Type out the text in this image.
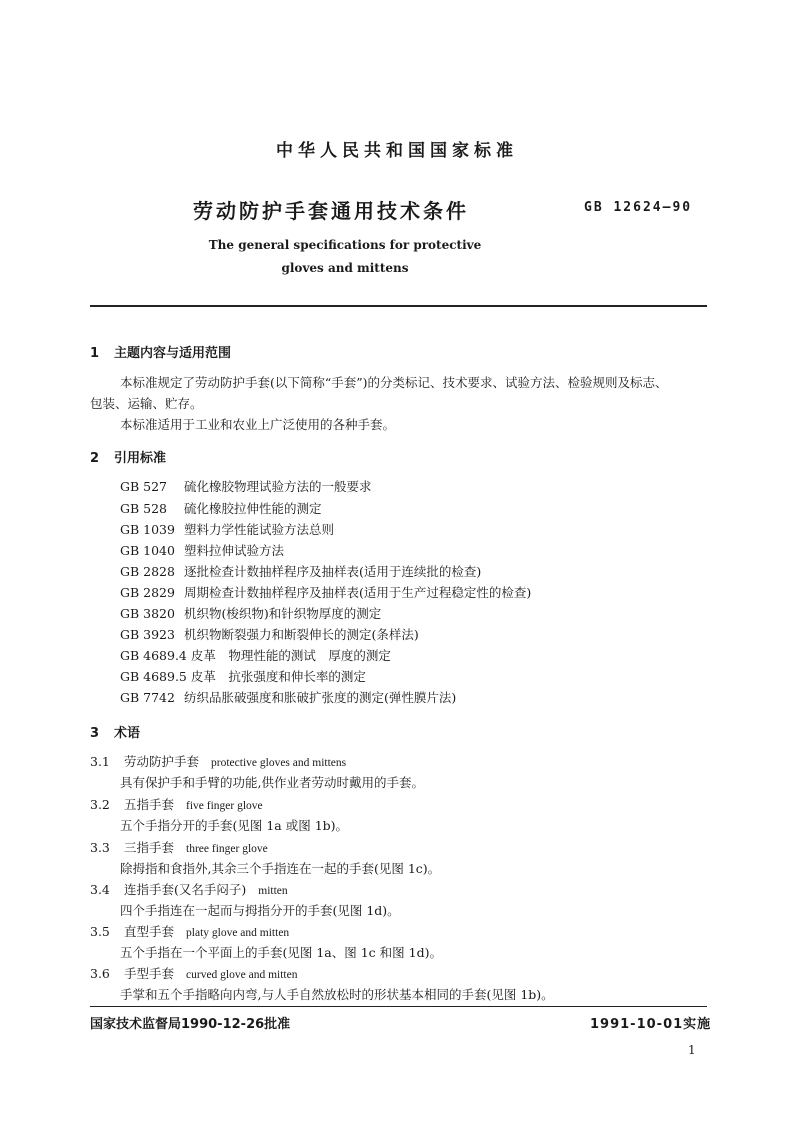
中华人民共和国国家标准
劳动防护手套通用技术条件	GB 12624—90
The general specifications for protective
gloves and mittens
1 主题内容与适用范围
本标准规定了劳动防护手套(以下简称“手套”)的分类标记、技术要求、试验方法、检验规则及标志、
包装、运输、贮存。
本标准适用于工业和农业上广泛使用的各种手套。
2 引用标准
GB 527 硫化橡胶物理试验方法的一般要求
GB 528 硫化橡胶拉伸性能的测定
GB 1039 塑料力学性能试验方法总则
GB 1040 塑料拉伸试验方法
GB 2828 逐批检查计数抽样程序及抽样表(适用于连续批的检查)
GB 2829 周期检查计数抽样程序及抽样表(适用于生产过程稳定性的检查)
GB 3820 机织物(梭织物)和针织物厚度的测定
GB 3923 机织物断裂强力和断裂伸长的测定(条样法)
GB 4689.4 皮革　物理性能的测试　厚度的测定
GB 4689.5 皮革　抗张强度和伸长率的测定
GB 7742 纺织品胀破强度和胀破扩张度的测定(弹性膜片法)
3 术语
3.1 劳动防护手套 protective gloves and mittens
具有保护手和手臂的功能,供作业者劳动时戴用的手套。
3.2 五指手套 five finger glove
五个手指分开的手套(见图 1a 或图 1b)。
3.3 三指手套 three finger glove
除拇指和食指外,其余三个手指连在一起的手套(见图 1c)。
3.4 连指手套(又名手闷子) mitten
四个手指连在一起而与拇指分开的手套(见图 1d)。
3.5 直型手套 platy glove and mitten
五个手指在一个平面上的手套(见图 1a、图 1c 和图 1d)。
3.6 手型手套 curved glove and mitten
手掌和五个手指略向内弯,与人手自然放松时的形状基本相同的手套(见图 1b)。
国家技术监督局1990-12-26批准	1991-10-01实施
1
